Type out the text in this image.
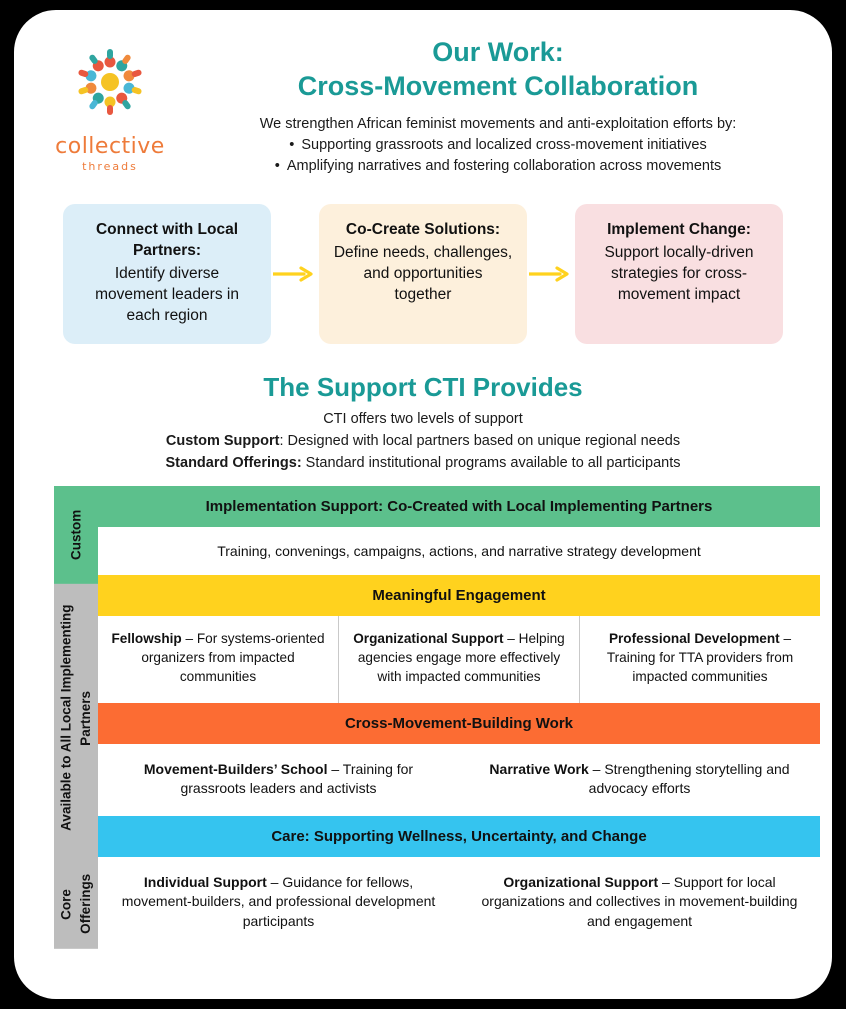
collective
threads
Our Work:
Cross-Movement Collaboration
We strengthen African feminist movements and anti-exploitation efforts by:
• Supporting grassroots and localized cross-movement initiatives
• Amplifying narratives and fostering collaboration across movements
Connect with Local Partners:
Identify diverse movement leaders in each region
Co-Create Solutions:
Define needs, challenges, and opportunities together
Implement Change:
Support locally-driven strategies for cross-movement impact
The Support CTI Provides
CTI offers two levels of support
Custom Support: Designed with local partners based on unique regional needs
Standard Offerings: Standard institutional programs available to all participants
Custom
Core Offerings

Available to All Local Implementing Partners
Implementation Support: Co-Created with Local Implementing Partners
Training, convenings, campaigns, actions, and narrative strategy development
Meaningful Engagement
Fellowship – For systems-oriented organizers from impacted communities
Organizational Support – Helping agencies engage more effectively with impacted communities
Professional Development – Training for TTA providers from impacted communities
Cross-Movement-Building Work
Movement-Builders’ School – Training for grassroots leaders and activists
Narrative Work – Strengthening storytelling and advocacy efforts
Care: Supporting Wellness, Uncertainty, and Change
Individual Support – Guidance for fellows, movement-builders, and professional development participants
Organizational Support – Support for local organizations and collectives in movement-building and engagement
